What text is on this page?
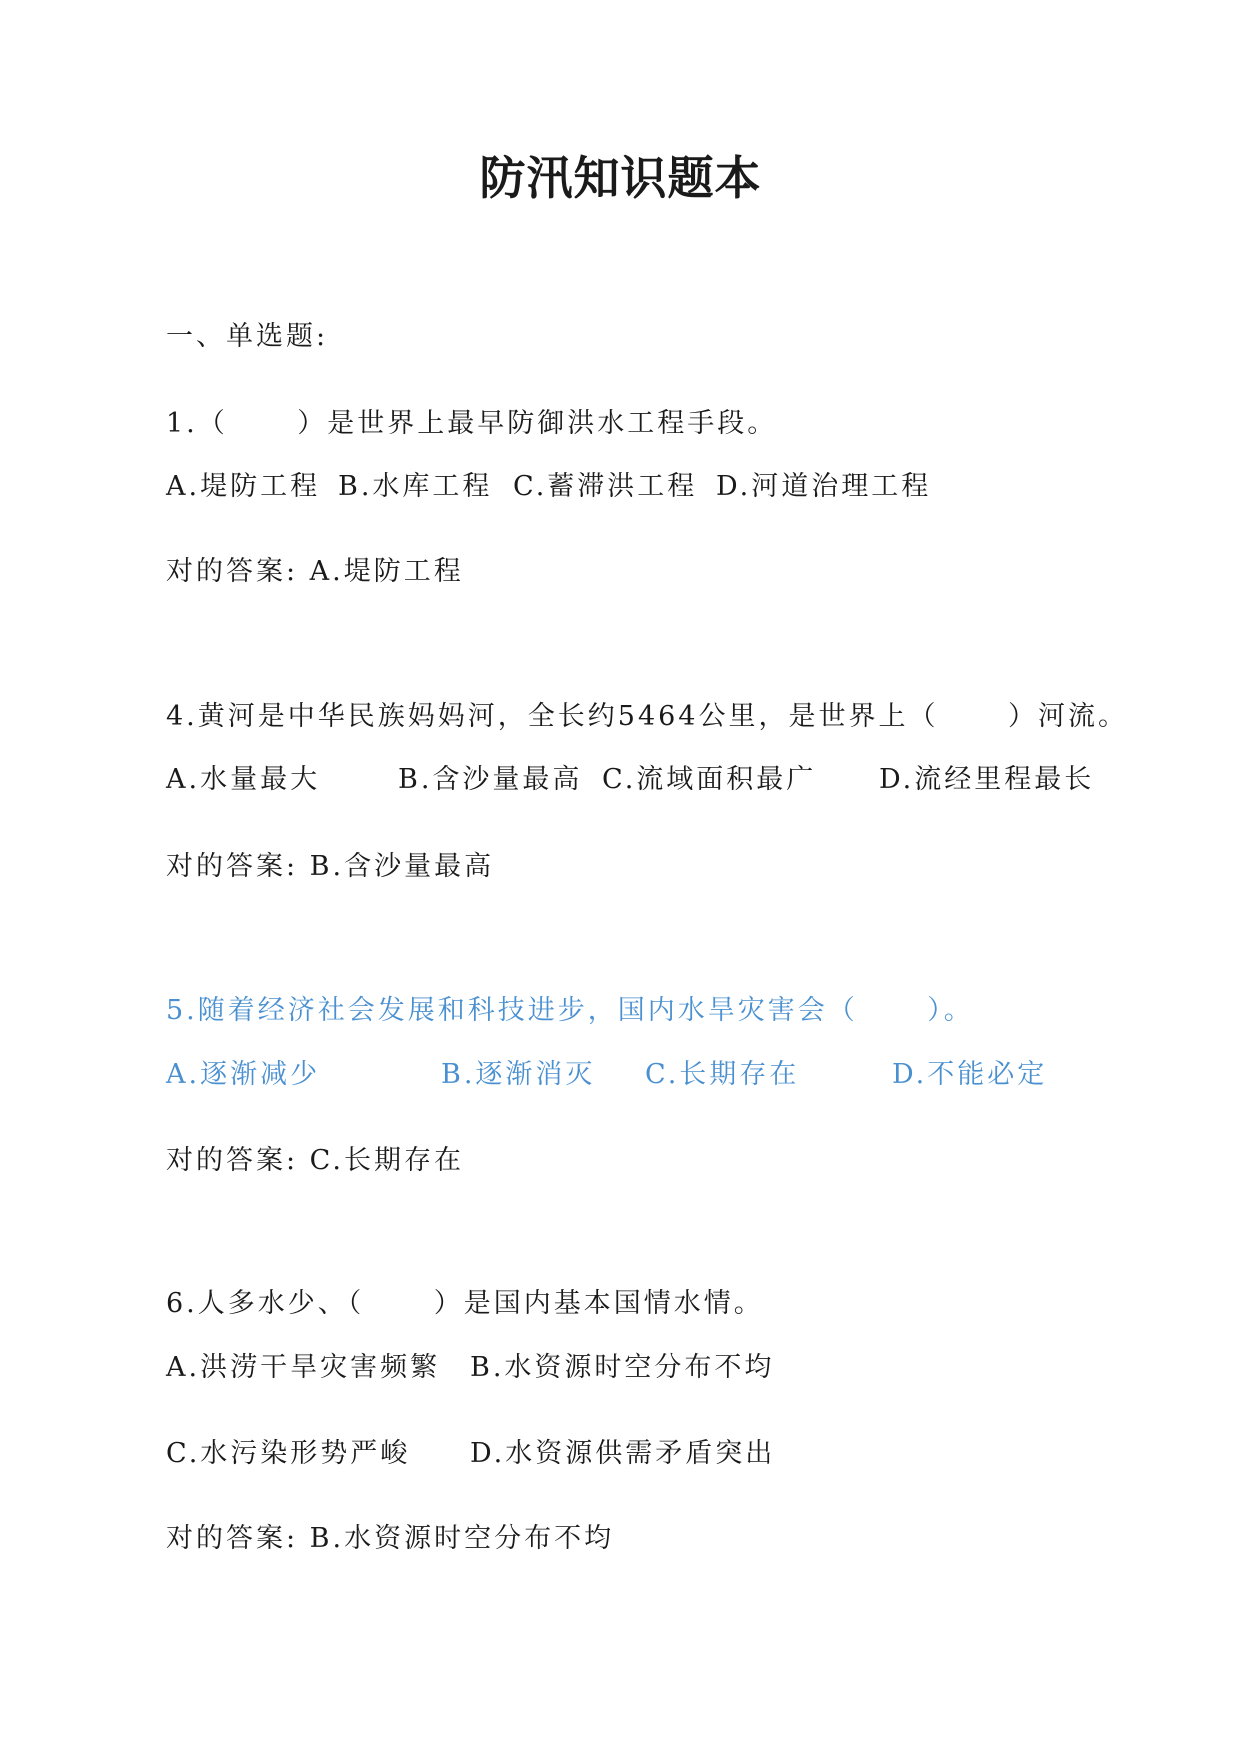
防汛知识题本
一、单选题:
1.（      ）是世界上最早防御洪水工程手段。
A.堤防工程 B.水库工程 C.蓄滞洪工程 D.河道治理工程
对的答案: A.堤防工程
4.黄河是中华民族妈妈河，全长约5464公里，是世界上（      ）河流。
A.水量最大	B.含沙量最高 C.流域面积最广 D.流经里程最长
对的答案: B.含沙量最高
5.随着经济社会发展和科技进步，国内水旱灾害会（      ）。
A.逐渐减少	B.逐渐消灭 C.长期存在	D.不能必定
对的答案: C.长期存在
6.人多水少、（      ）是国内基本国情水情。
A.洪涝干旱灾害频繁 B.水资源时空分布不均
C.水污染形势严峻 D.水资源供需矛盾突出
对的答案: B.水资源时空分布不均
